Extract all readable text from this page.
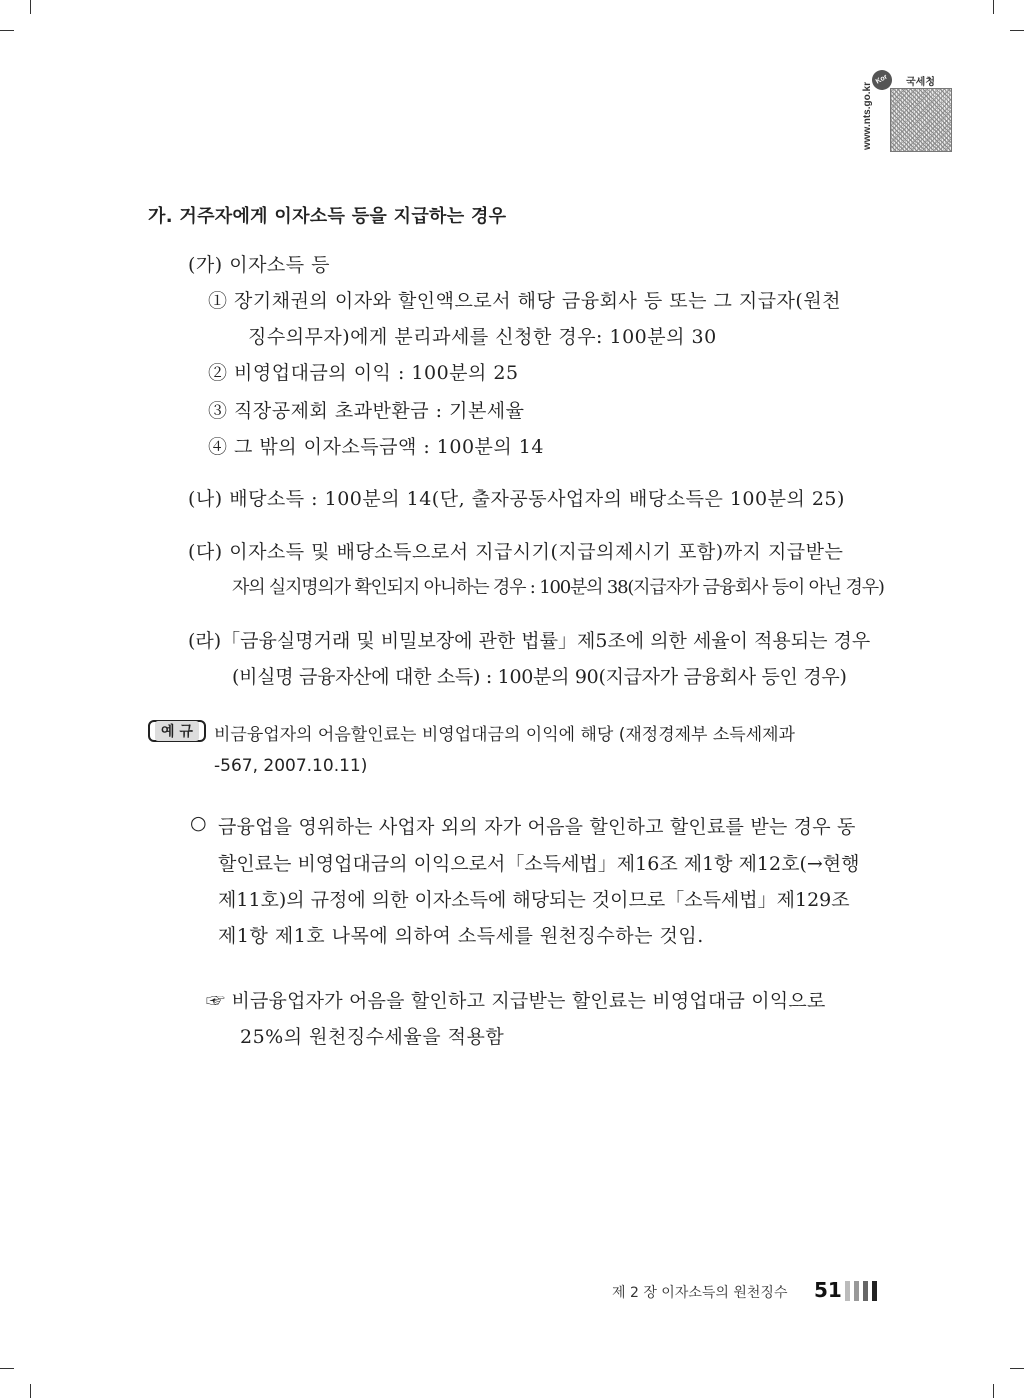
Kor	국세청
www.nts.go.kr
가. 거주자에게 이자소득 등을 지급하는 경우
(가) 이자소득 등
① 장기채권의 이자와 할인액으로서 해당 금융회사 등 또는 그 지급자(원천
징수의무자)에게 분리과세를 신청한 경우: 100분의 30
② 비영업대금의 이익 : 100분의 25
③ 직장공제회 초과반환금 : 기본세율
④ 그 밖의 이자소득금액 : 100분의 14
(나) 배당소득 : 100분의 14(단, 출자공동사업자의 배당소득은 100분의 25)
(다) 이자소득 및 배당소득으로서 지급시기(지급의제시기 포함)까지 지급받는
자의 실지명의가 확인되지 아니하는 경우 : 100분의 38(지급자가 금융회사 등이 아닌 경우)
(라)「금융실명거래 및 비밀보장에 관한 법률」제5조에 의한 세율이 적용되는 경우
(비실명 금융자산에 대한 소득) : 100분의 90(지급자가 금융회사 등인 경우)
예 규	비금융업자의 어음할인료는 비영업대금의 이익에 해당 (재정경제부 소득세제과
-567, 2007.10.11)
○ 금융업을 영위하는 사업자 외의 자가 어음을 할인하고 할인료를 받는 경우 동
할인료는 비영업대금의 이익으로서「소득세법」제16조 제1항 제12호(→현행
제11호)의 규정에 의한 이자소득에 해당되는 것이므로「소득세법」제129조
제1항 제1호 나목에 의하여 소득세를 원천징수하는 것임.
☞ 비금융업자가 어음을 할인하고 지급받는 할인료는 비영업대금 이익으로
25%의 원천징수세율을 적용함
제 2 장 이자소득의 원천징수 51
